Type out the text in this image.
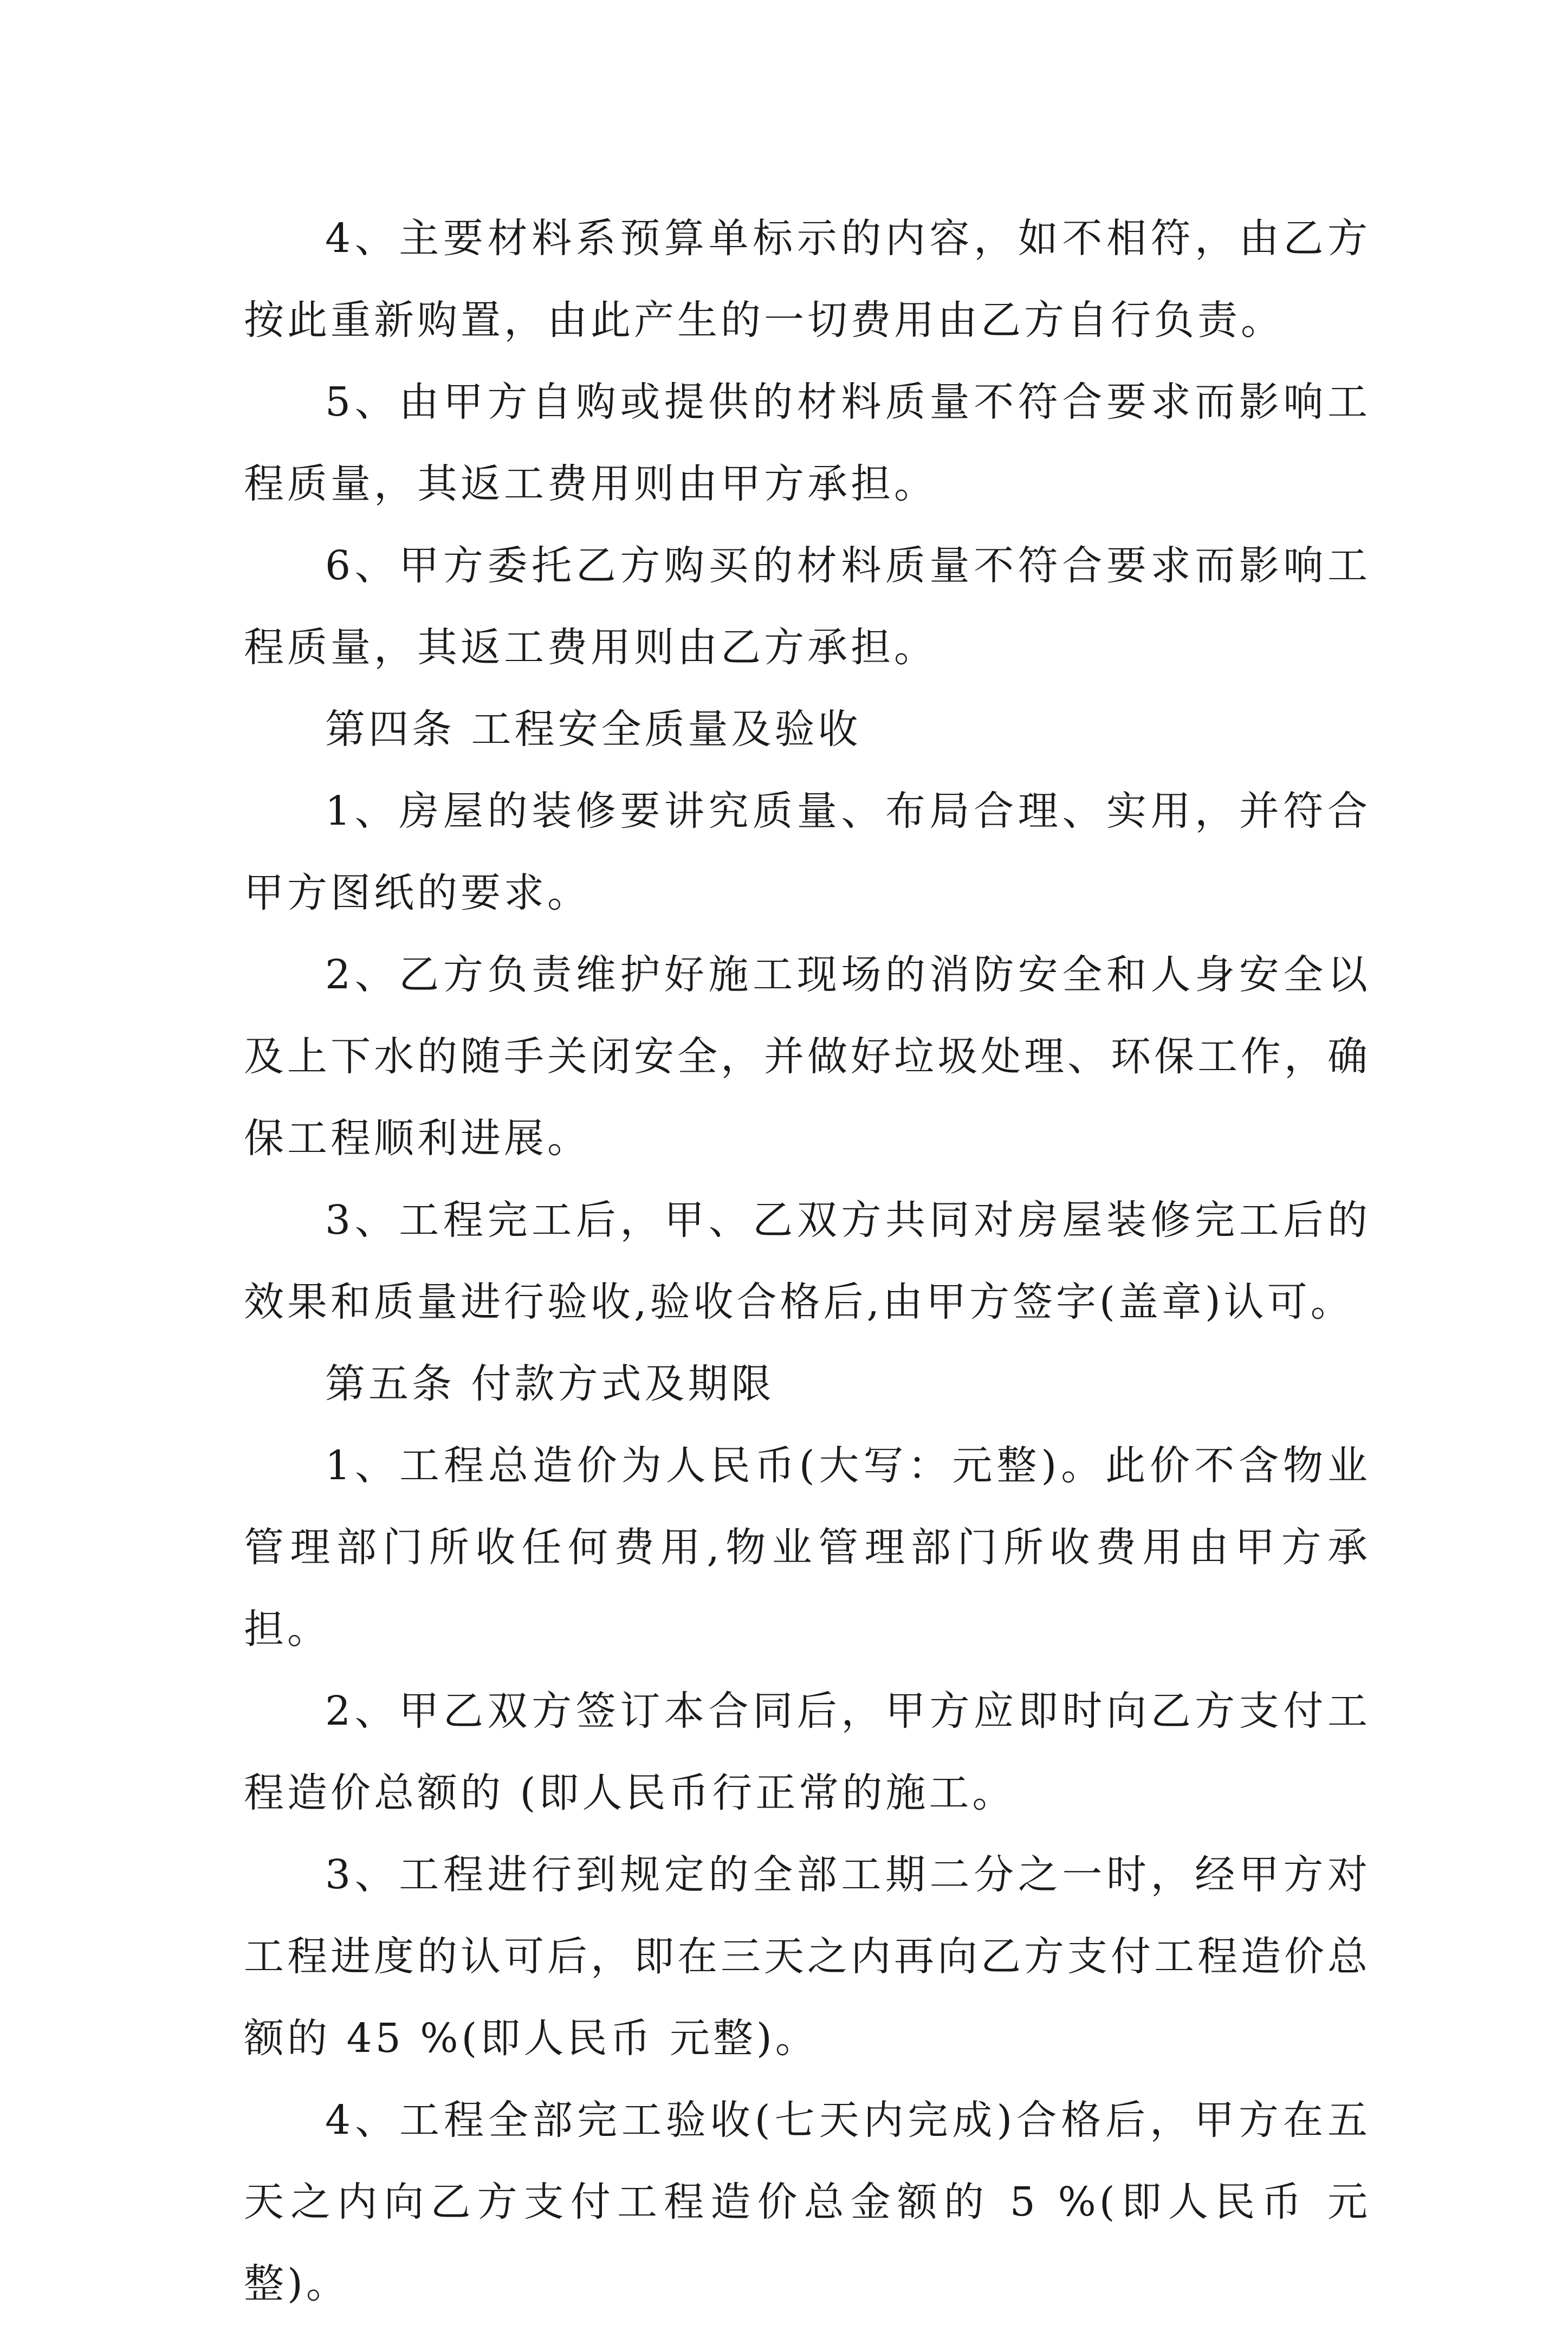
4、主要材料系预算单标示的内容，如不相符，由乙方按此重新购置，由此产生的一切费用由乙方自行负责。

5、由甲方自购或提供的材料质量不符合要求而影响工程质量，其返工费用则由甲方承担。

6、甲方委托乙方购买的材料质量不符合要求而影响工程质量，其返工费用则由乙方承担。

第四条 工程安全质量及验收

1、房屋的装修要讲究质量、布局合理、实用，并符合甲方图纸的要求。

2、乙方负责维护好施工现场的消防安全和人身安全以及上下水的随手关闭安全，并做好垃圾处理、环保工作，确保工程顺利进展。

3、工程完工后，甲、乙双方共同对房屋装修完工后的效果和质量进行验收,验收合格后,由甲方签字(盖章)认可。

第五条 付款方式及期限

1、工程总造价为人民币(大写：元整)。此价不含物业管理部门所收任何费用,物业管理部门所收费用由甲方承担。

2、甲乙双方签订本合同后，甲方应即时向乙方支付工程造价总额的 (即人民币行正常的施工。

3、工程进行到规定的全部工期二分之一时，经甲方对工程进度的认可后，即在三天之内再向乙方支付工程造价总额的 45 %(即人民币 元整)。

4、工程全部完工验收(七天内完成)合格后，甲方在五天之内向乙方支付工程造价总金额的 5 %(即人民币 元整)。
